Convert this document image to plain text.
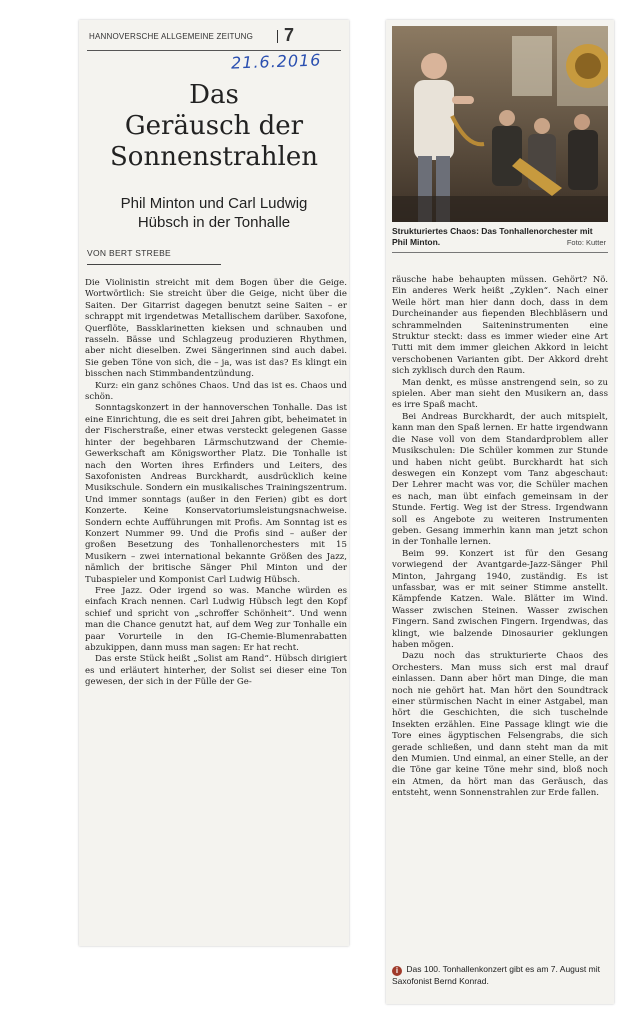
HANNOVERSCHE ALLGEMEINE ZEITUNG 7
21.6.2016
Das
Geräusch der
Sonnenstrahlen
Phil Minton und Carl Ludwig
Hübsch in der Tonhalle
VON BERT STREBE

Die Violinistin streicht mit dem Bogen über die Geige. Wortwörtlich: Sie streicht über die Geige, nicht über die Saiten. Der Gitarrist dagegen benutzt seine Saiten – er schrappt mit irgendetwas Metallischem darüber. Saxofone, Querflöte, Bassklarinetten kieksen und schnauben und rasseln. Bässe und Schlagzeug produzieren Rhythmen, aber nicht dieselben. Zwei Sängerinnen sind auch dabei. Sie geben Töne von sich, die – ja, was ist das? Es klingt ein bisschen nach Stimmbandentzündung.

Kurz: ein ganz schönes Chaos. Und das ist es. Chaos und schön.

Sonntagskonzert in der hannoverschen Tonhalle. Das ist eine Einrichtung, die es seit drei Jahren gibt, beheimatet in der Fischerstraße, einer etwas versteckt gelegenen Gasse hinter der begehbaren Lärmschutzwand der Chemie-Gewerkschaft am Königsworther Platz. Die Tonhalle ist nach den Worten ihres Erfinders und Leiters, des Saxofonisten Andreas Burckhardt, ausdrücklich keine Musikschule. Sondern ein musikalisches Trainingszentrum. Und immer sonntags (außer in den Ferien) gibt es dort Konzerte. Keine Konservatoriumsleistungsnachweise. Sondern echte Aufführungen mit Profis. Am Sonntag ist es Konzert Nummer 99. Und die Profis sind – außer der großen Besetzung des Tonhallenorchesters mit 15 Musikern – zwei international bekannte Größen des Jazz, nämlich der britische Sänger Phil Minton und der Tubaspieler und Komponist Carl Ludwig Hübsch.

Free Jazz. Oder irgend so was. Manche würden es einfach Krach nennen. Carl Ludwig Hübsch legt den Kopf schief und spricht von „schroffer Schönheit“. Und wenn man die Chance genutzt hat, auf dem Weg zur Tonhalle ein paar Vorurteile in den IG-Chemie-Blumenrabatten abzukippen, dann muss man sagen: Er hat recht.

Das erste Stück heißt „Solist am Rand“. Hübsch dirigiert es und erläutert hinterher, der Solist sei dieser eine Ton gewesen, der sich in der Fülle der Ge-

Strukturiertes Chaos: Das Tonhallenorchester mit Phil Minton.	Foto: Kutter

räusche habe behaupten müssen. Gehört? Nö. Ein anderes Werk heißt „Zyklen“. Nach einer Weile hört man hier dann doch, dass in dem Durcheinander aus fiependen Blechbläsern und schrammelnden Saiteninstrumenten eine Struktur steckt: dass es immer wieder eine Art Tutti mit dem immer gleichen Akkord in leicht verschobenen Varianten gibt. Der Akkord dreht sich zyklisch durch den Raum.

Man denkt, es müsse anstrengend sein, so zu spielen. Aber man sieht den Musikern an, dass es irre Spaß macht.

Bei Andreas Burckhardt, der auch mitspielt, kann man den Spaß lernen. Er hatte irgendwann die Nase voll von dem Standardproblem aller Musikschulen: Die Schüler kommen zur Stunde und haben nicht geübt. Burckhardt hat sich deswegen ein Konzept vom Tanz abgeschaut: Der Lehrer macht was vor, die Schüler machen es nach, man übt einfach gemeinsam in der Stunde. Fertig. Weg ist der Stress. Irgendwann soll es Angebote zu weiteren Instrumenten geben. Gesang immerhin kann man jetzt schon in der Tonhalle lernen.

Beim 99. Konzert ist für den Gesang vorwiegend der Avantgarde-Jazz-Sänger Phil Minton, Jahrgang 1940, zuständig. Es ist unfassbar, was er mit seiner Stimme anstellt. Kämpfende Katzen. Wale. Blätter im Wind. Wasser zwischen Steinen. Wasser zwischen Fingern. Sand zwischen Fingern. Irgendwas, das klingt, wie balzende Dinosaurier geklungen haben mögen.

Dazu noch das strukturierte Chaos des Orchesters. Man muss sich erst mal drauf einlassen. Dann aber hört man Dinge, die man noch nie gehört hat. Man hört den Soundtrack einer stürmischen Nacht in einer Astgabel, man hört die Geschichten, die sich tuschelnde Insekten erzählen. Eine Passage klingt wie die Tore eines ägyptischen Felsengrabs, die sich gerade schließen, und dann steht man da mit den Mumien. Und einmal, an einer Stelle, an der die Töne gar keine Töne mehr sind, bloß noch ein Atmen, da hört man das Geräusch, das entsteht, wenn Sonnenstrahlen zur Erde fallen.

i Das 100. Tonhallenkonzert gibt es am 7. August mit Saxofonist Bernd Konrad.
